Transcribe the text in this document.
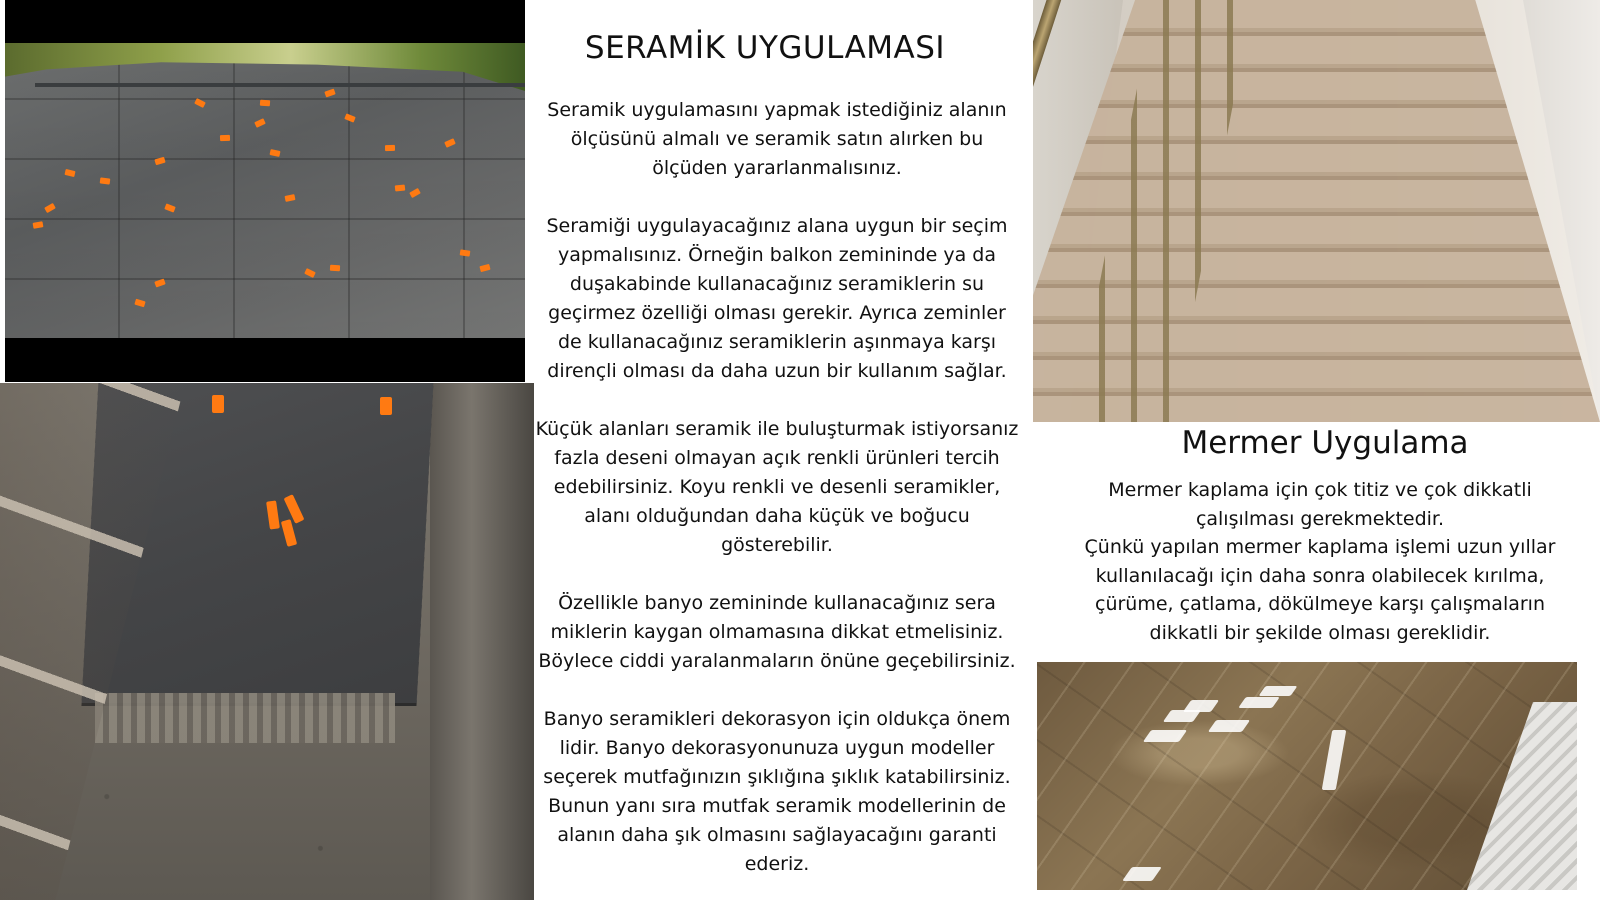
SERAMİK UYGULAMASI

Seramik uygulamasını yapmak istediğiniz alanın ölçüsünü almalı ve seramik satın alırken bu ölçüden yararlanmalısınız.

Seramiği uygulayacağınız alana uygun bir seçim yapmalısınız. Örneğin balkon zemininde ya da duşakabinde kullanacağınız seramiklerin su geçirmez özelliği olması gerekir. Ayrıca zeminler de kullanacağınız seramiklerin aşınmaya karşı dirençli olması da daha uzun bir kullanım sağlar.

Küçük alanları seramik ile buluşturmak istiyorsanız fazla deseni olmayan açık renkli ürünleri tercih edebilirsiniz. Koyu renkli ve desenli seramikler, alanı olduğundan daha küçük ve boğucu gösterebilir.

Özellikle banyo zemininde kullanacağınız sera miklerin kaygan olmamasına dikkat etmelisiniz. Böylece ciddi yaralanmaların önüne geçebilirsiniz.

Banyo seramikleri dekorasyon için oldukça önem lidir. Banyo dekorasyonunuza uygun modeller seçerek mutfağınızın şıklığına şıklık katabilirsiniz. Bunun yanı sıra mutfak seramik modellerinin de alanın daha şık olmasını sağlayacağını garanti ederiz.

Mermer Uygulama
Mermer kaplama için çok titiz ve çok dikkatli çalışılması gerekmektedir.
Çünkü yapılan mermer kaplama işlemi uzun yıllar kullanılacağı için daha sonra olabilecek kırılma, çürüme, çatlama, dökülmeye karşı çalışmaların dikkatli bir şekilde olması gereklidir.
